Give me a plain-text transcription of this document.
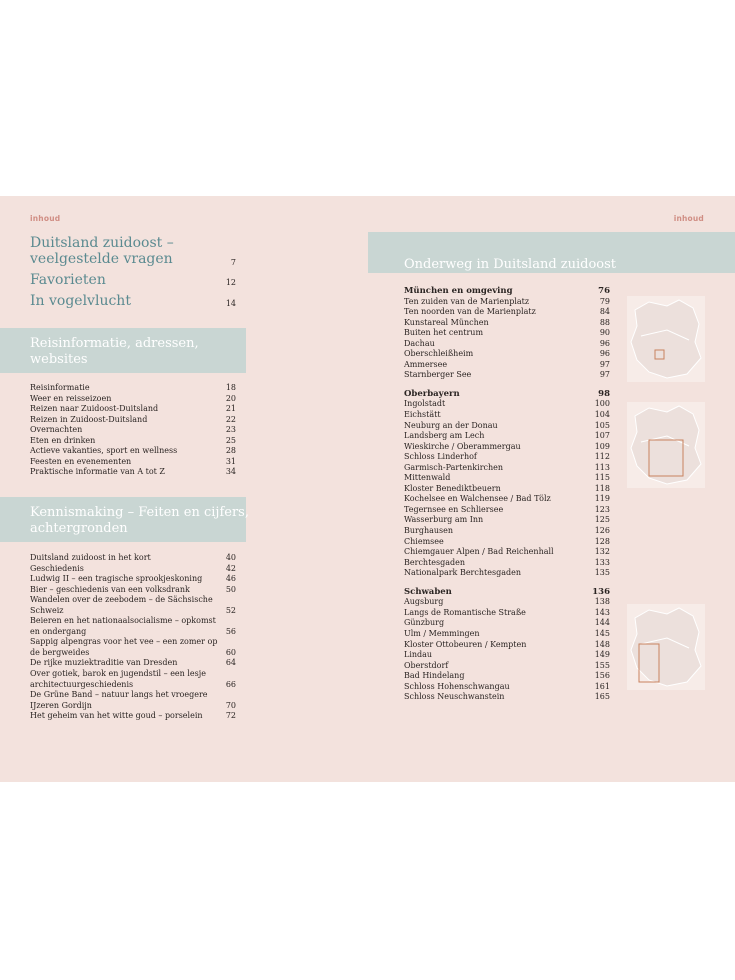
inhoud	inhoud
Duitsland zuidoost –
veelgestelde vragen	7
Favorieten	12
In vogelvlucht	14
Reisinformatie, adressen,
websites
Reisinformatie	18
Weer en reisseizoen	20
Reizen naar Zuidoost-Duitsland	21
Reizen in Zuidoost-Duitsland	22
Overnachten	23
Eten en drinken	25
Actieve vakanties, sport en wellness	28
Feesten en evenementen	31
Praktische informatie van A tot Z	34
Kennismaking – Feiten en cijfers,
achtergronden
Duitsland zuidoost in het kort	40
Geschiedenis	42
Ludwig II – een tragische sprookjeskoning	46
Bier – geschiedenis van een volksdrank	50
Wandelen over de zeebodem – de Sächsische
Schweiz	52
Beieren en het nationaalsocialisme – opkomst
en ondergang	56
Sappig alpengras voor het vee – een zomer op
de bergweides	60
De rijke muziektraditie van Dresden	64
Over gotiek, barok en jugendstil – een lesje
architectuurgeschiedenis	66
De Grüne Band – natuur langs het vroegere
IJzeren Gordijn	70
Het geheim van het witte goud – porselein	72
Onderweg in Duitsland zuidoost
München en omgeving	76
Ten zuiden van de Marienplatz	79
Ten noorden van de Marienplatz	84
Kunstareal München	88
Buiten het centrum	90
Dachau	96
Oberschleißheim	96
Ammersee	97
Starnberger See	97
Oberbayern	98
Ingolstadt	100
Eichstätt	104
Neuburg an der Donau	105
Landsberg am Lech	107
Wieskirche / Oberammergau	109
Schloss Linderhof	112
Garmisch-Partenkirchen	113
Mittenwald	115
Kloster Benediktbeuern	118
Kochelsee en Walchensee / Bad Tölz	119
Tegernsee en Schliersee	123
Wasserburg am Inn	125
Burghausen	126
Chiemsee	128
Chiemgauer Alpen / Bad Reichenhall	132
Berchtesgaden	133
Nationalpark Berchtesgaden	135
Schwaben	136
Augsburg	138
Langs de Romantische Straße	143
Günzburg	144
Ulm / Memmingen	145
Kloster Ottobeuren / Kempten	148
Lindau	149
Oberstdorf	155
Bad Hindelang	156
Schloss Hohenschwangau	161
Schloss Neuschwanstein	165
